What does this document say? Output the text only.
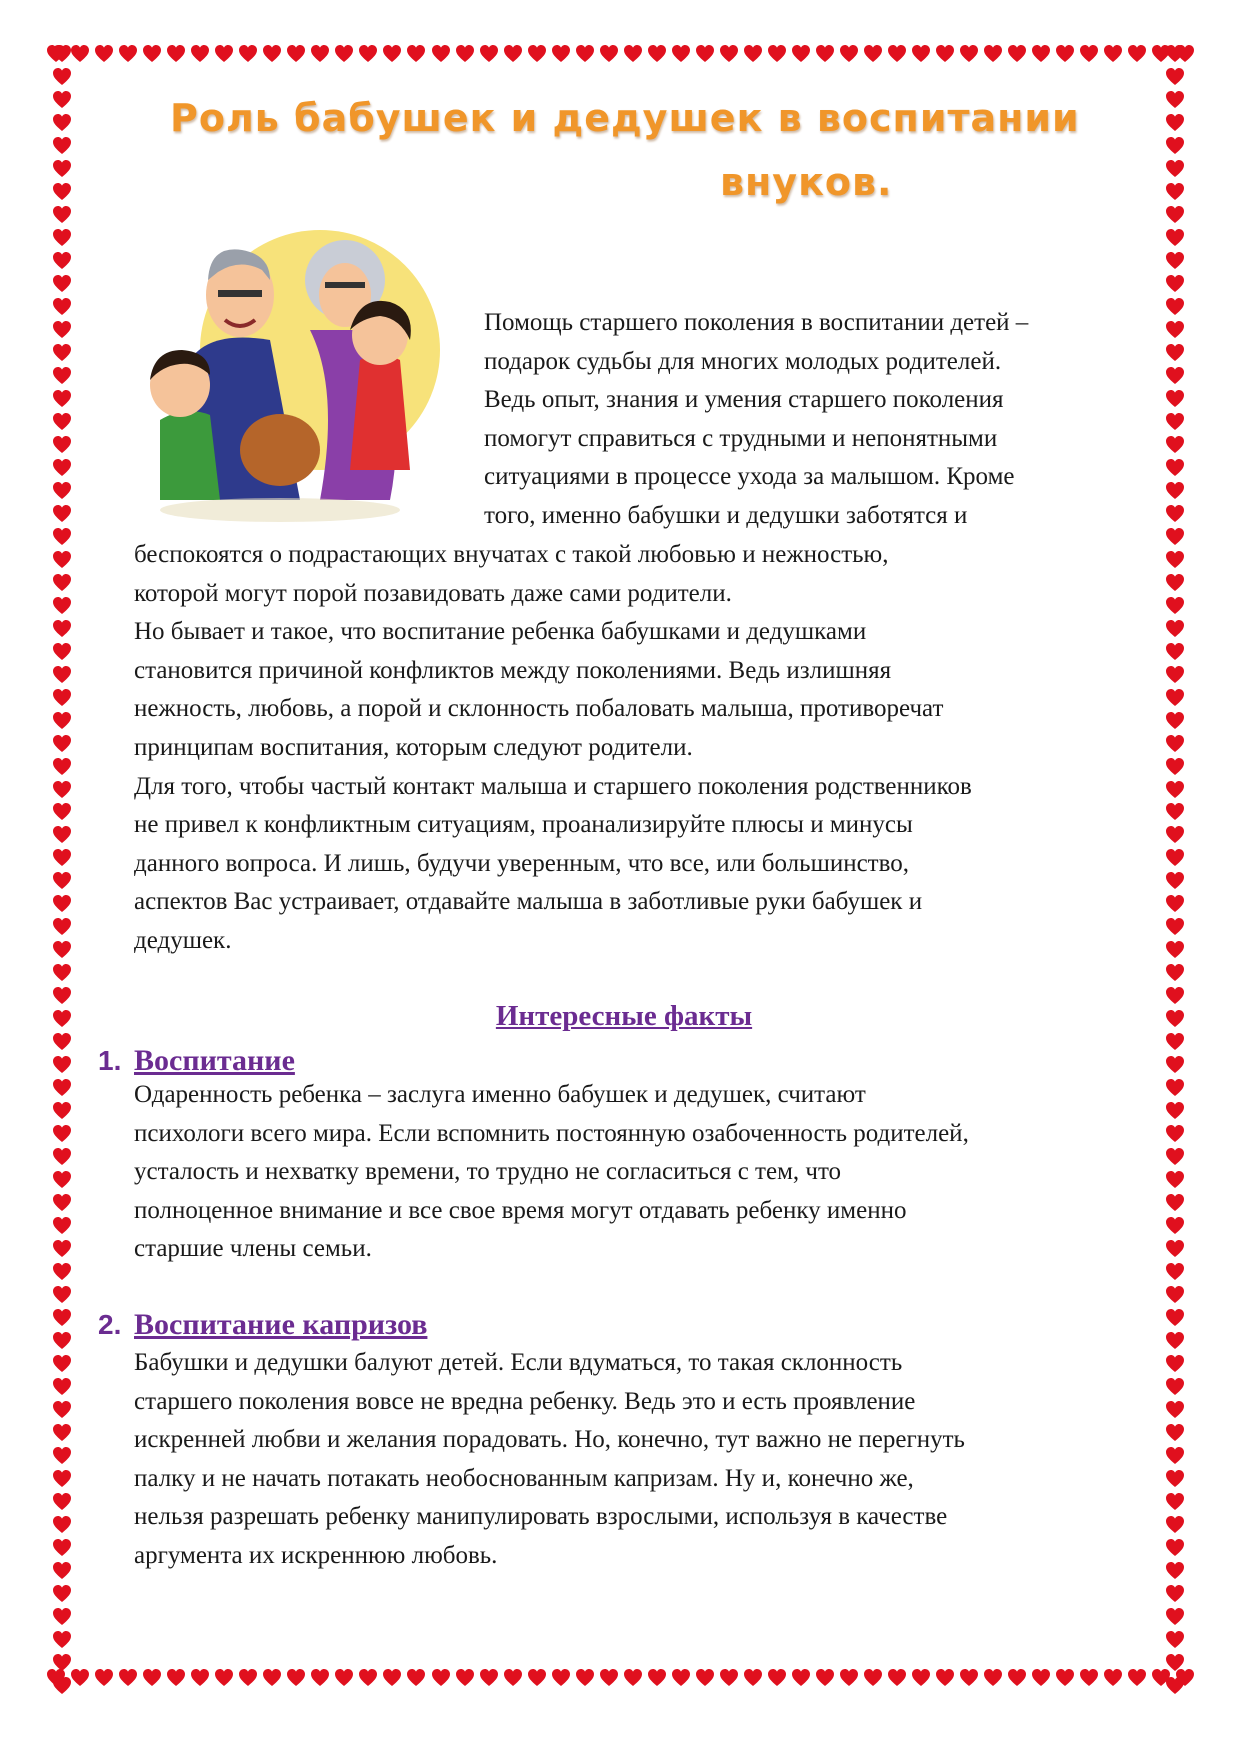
Роль бабушек и дедушек в воспитании
внуков.
Помощь старшего поколения в воспитании детей –
подарок судьбы для многих молодых родителей.
Ведь опыт, знания и умения старшего поколения
помогут справиться с трудными и непонятными
ситуациями в процессе ухода за малышом. Кроме
того, именно бабушки и дедушки заботятся и
беспокоятся о подрастающих внучатах с такой любовью и нежностью,
которой могут порой позавидовать даже сами родители.
Но бывает и такое, что воспитание ребенка бабушками и дедушками
становится причиной конфликтов между поколениями. Ведь излишняя
нежность, любовь, а порой и склонность побаловать малыша, противоречат
принципам воспитания, которым следуют родители.
Для того, чтобы частый контакт малыша и старшего поколения родственников
не привел к конфликтным ситуациям, проанализируйте плюсы и минусы
данного вопроса. И лишь, будучи уверенным, что все, или большинство,
аспектов Вас устраивает, отдавайте малыша в заботливые руки бабушек и
дедушек.
Интересные факты
1. Воспитание
Одаренность ребенка – заслуга именно бабушек и дедушек, считают
психологи всего мира. Если вспомнить постоянную озабоченность родителей,
усталость и нехватку времени, то трудно не согласиться с тем, что
полноценное внимание и все свое время могут отдавать ребенку именно
старшие члены семьи.
2. Воспитание капризов
Бабушки и дедушки балуют детей. Если вдуматься, то такая склонность
старшего поколения вовсе не вредна ребенку. Ведь это и есть проявление
искренней любви и желания порадовать. Но, конечно, тут важно не перегнуть
палку и не начать потакать необоснованным капризам. Ну и, конечно же,
нельзя разрешать ребенку манипулировать взрослыми, используя в качестве
аргумента их искреннюю любовь.
